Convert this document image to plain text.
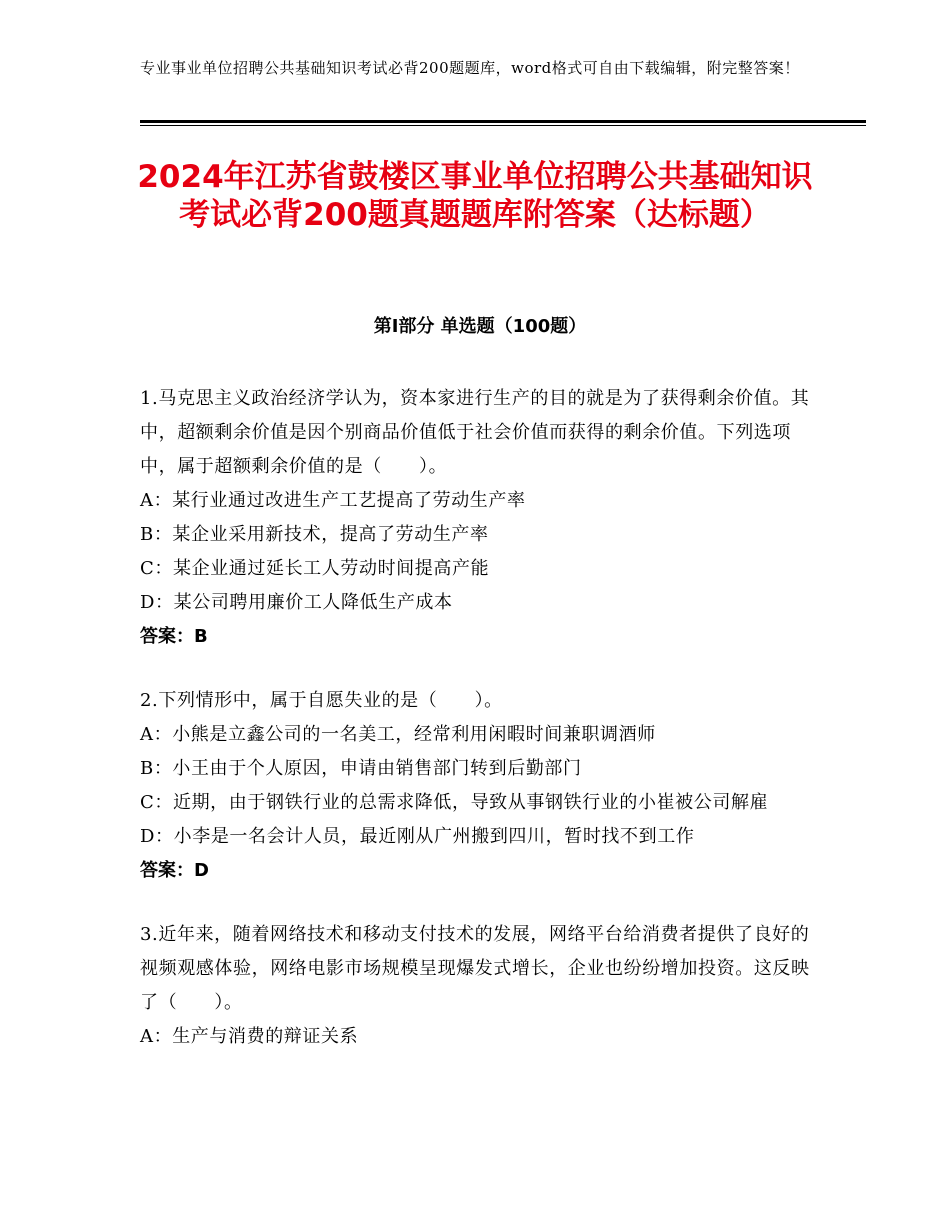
专业事业单位招聘公共基础知识考试必背200题题库，word格式可自由下载编辑，附完整答案！
2024年江苏省鼓楼区事业单位招聘公共基础知识考试必背200题真题题库附答案（达标题）
第Ⅰ部分 单选题（100题）
1.马克思主义政治经济学认为，资本家进行生产的目的就是为了获得剩余价值。其中，超额剩余价值是因个别商品价值低于社会价值而获得的剩余价值。下列选项中，属于超额剩余价值的是（　　）。
A：某行业通过改进生产工艺提高了劳动生产率
B：某企业采用新技术，提高了劳动生产率
C：某企业通过延长工人劳动时间提高产能
D：某公司聘用廉价工人降低生产成本
答案：B
2.下列情形中，属于自愿失业的是（　　）。
A：小熊是立鑫公司的一名美工，经常利用闲暇时间兼职调酒师
B：小王由于个人原因，申请由销售部门转到后勤部门
C：近期，由于钢铁行业的总需求降低，导致从事钢铁行业的小崔被公司解雇
D：小李是一名会计人员，最近刚从广州搬到四川，暂时找不到工作
答案：D
3.近年来，随着网络技术和移动支付技术的发展，网络平台给消费者提供了良好的视频观感体验，网络电影市场规模呈现爆发式增长，企业也纷纷增加投资。这反映了（　　）。
A：生产与消费的辩证关系
